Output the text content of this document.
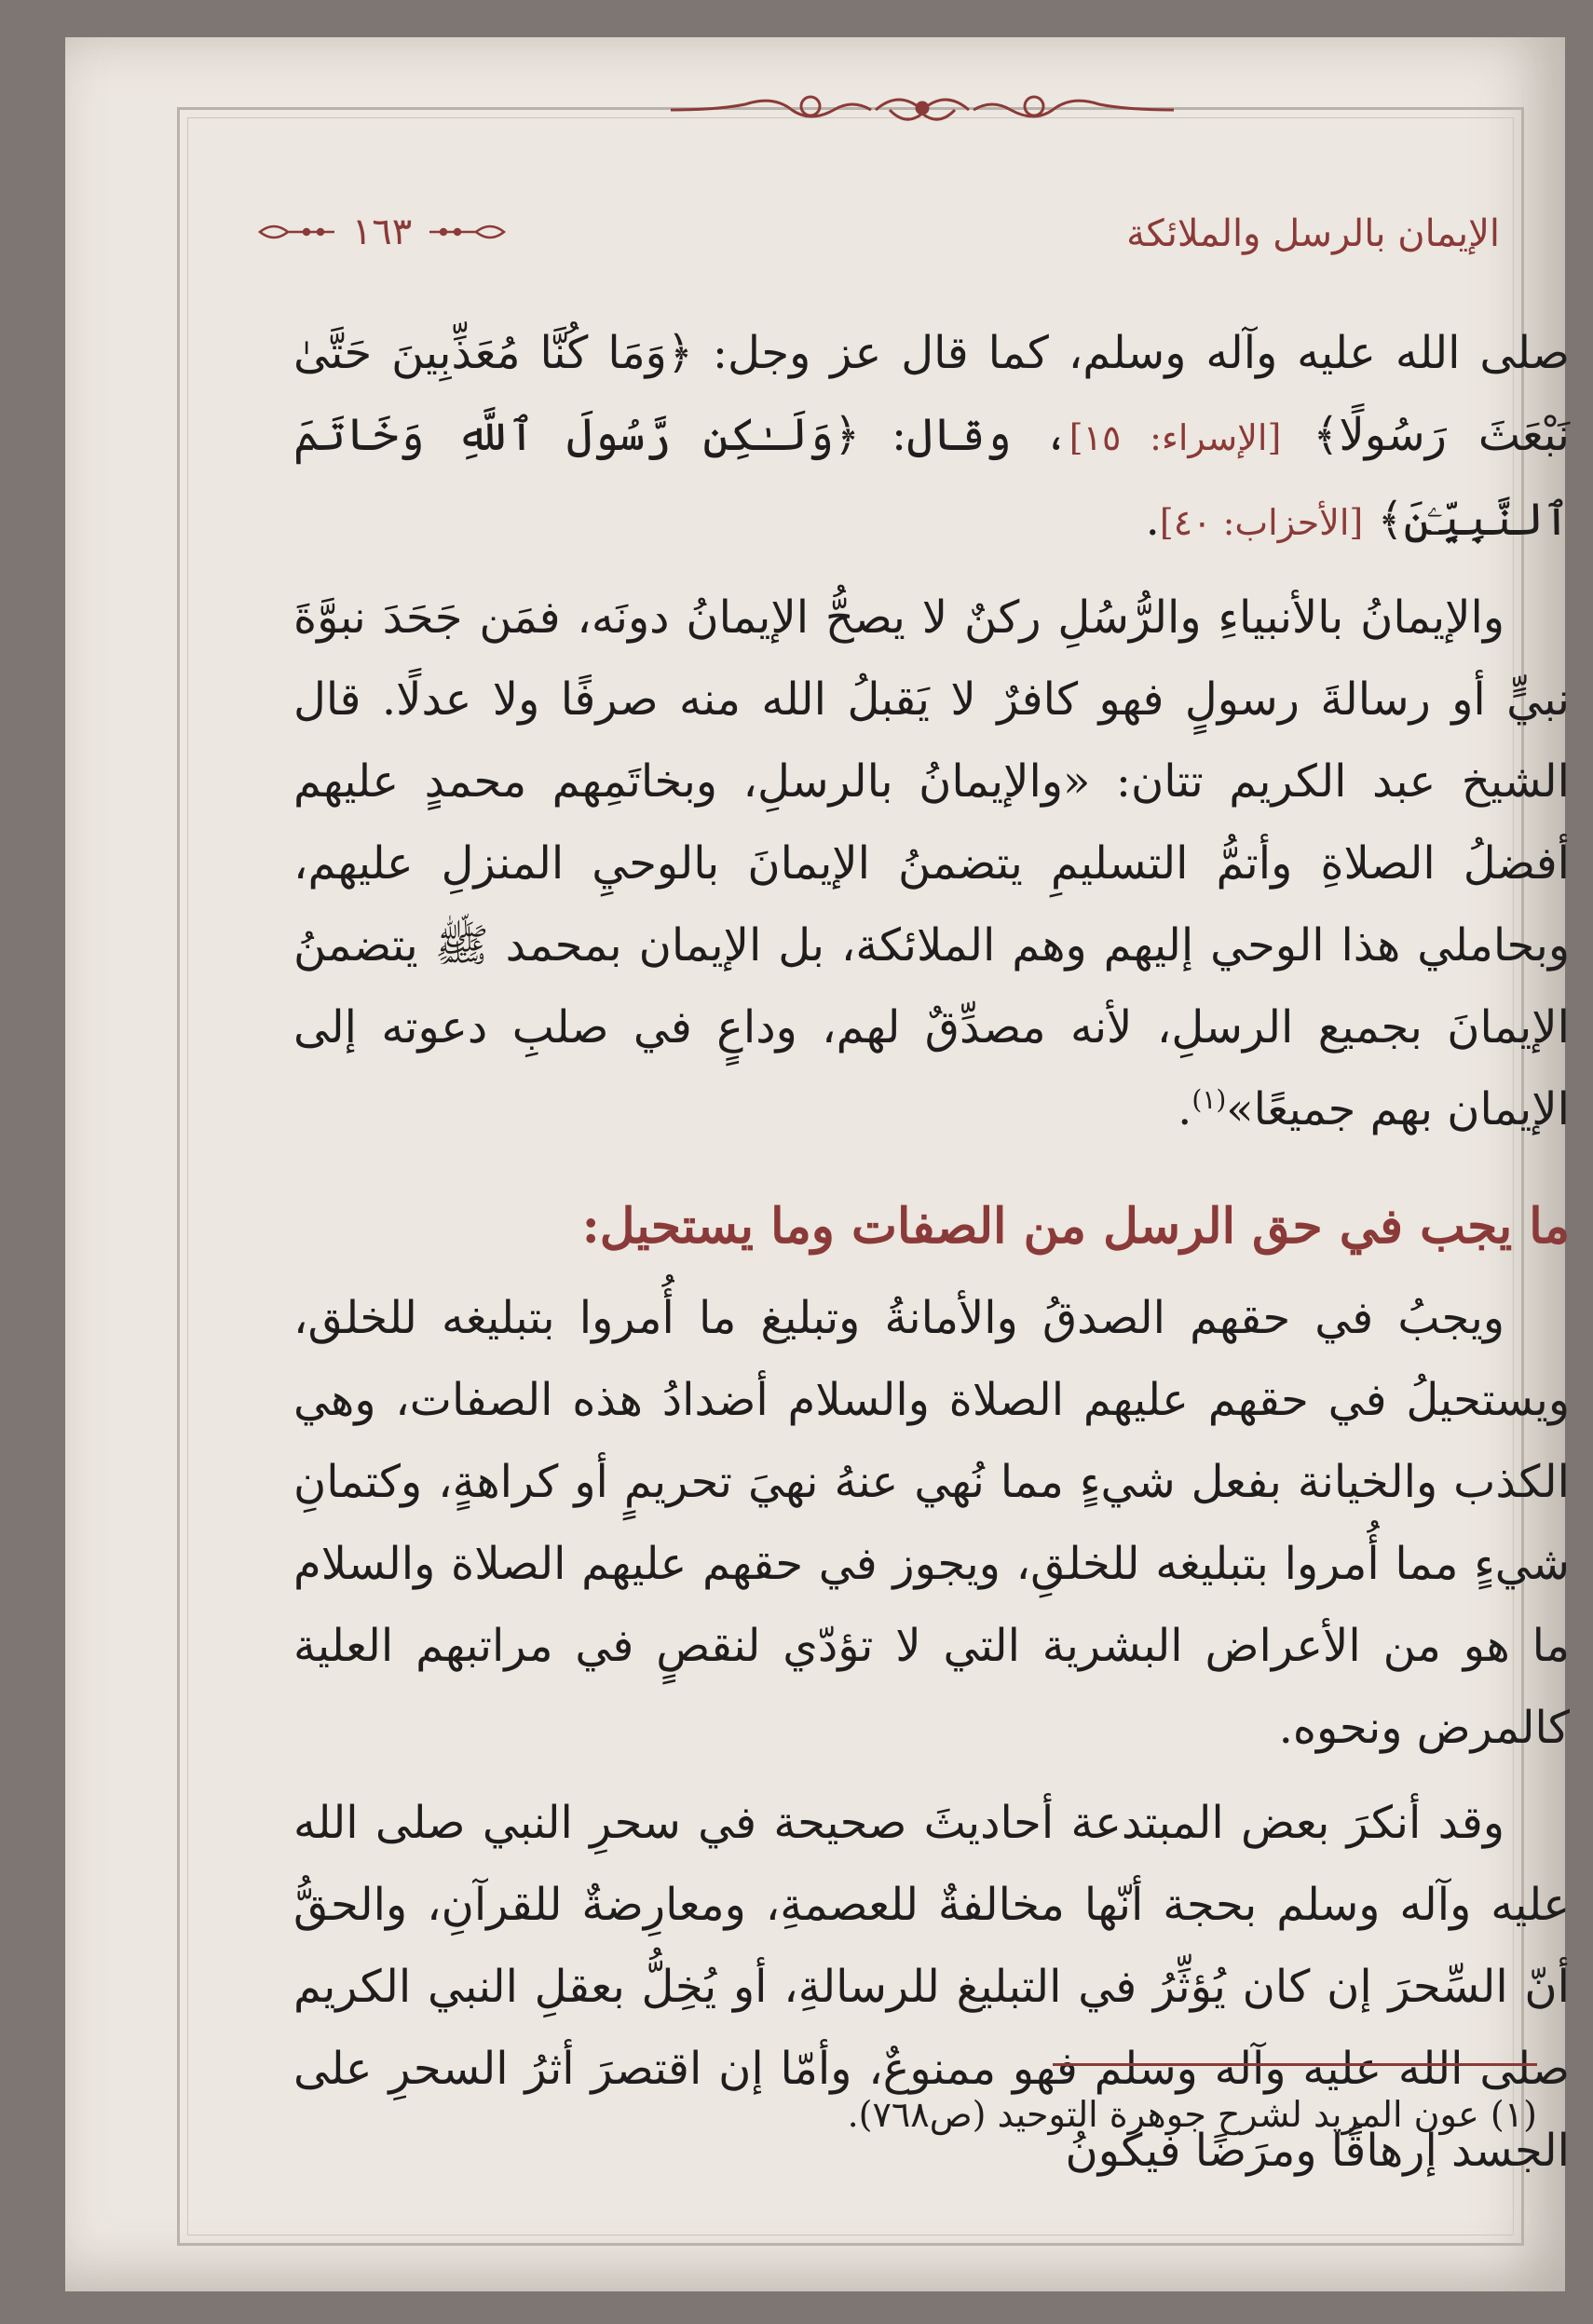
الإيمان بالرسل والملائكة
١٦٣

صلى الله عليه وآله وسلم، كما قال عز وجل: ﴿وَمَا كُنَّا مُعَذِّبِينَ حَتَّىٰ نَبْعَثَ رَسُولًا﴾ [الإسراء: ١٥]، وقال: ﴿وَلَـٰكِن رَّسُولَ ٱللَّهِ وَخَاتَمَ ٱلنَّبِيِّـۧنَ﴾ [الأحزاب: ٤٠].

والإيمانُ بالأنبياءِ والرُّسُلِ ركنٌ لا يصحُّ الإيمانُ دونَه، فمَن جَحَدَ نبوَّةَ نبيٍّ أو رسالةَ رسولٍ فهو كافرٌ لا يَقبلُ الله منه صرفًا ولا عدلًا. قال الشيخ عبد الكريم تتان: «والإيمانُ بالرسلِ، وبخاتَمِهم محمدٍ عليهم أفضلُ الصلاةِ وأتمُّ التسليمِ يتضمنُ الإيمانَ بالوحيِ المنزلِ عليهم، وبحاملي هذا الوحي إليهم وهم الملائكة، بل الإيمان بمحمد ﷺ يتضمنُ الإيمانَ بجميع الرسلِ، لأنه مصدِّقٌ لهم، وداعٍ في صلبِ دعوته إلى الإيمان بهم جميعًا»$^{(١)}$.

ما يجب في حق الرسل من الصفات وما يستحيل:

ويجبُ في حقهم الصدقُ والأمانةُ وتبليغ ما أُمروا بتبليغه للخلق، ويستحيلُ في حقهم عليهم الصلاة والسلام أضدادُ هذه الصفات، وهي الكذب والخيانة بفعل شيءٍ مما نُهي عنهُ نهيَ تحريمٍ أو كراهةٍ، وكتمانِ شيءٍ مما أُمروا بتبليغه للخلقِ، ويجوز في حقهم عليهم الصلاة والسلام ما هو من الأعراض البشرية التي لا تؤدّي لنقصٍ في مراتبهم العلية كالمرض ونحوه.

وقد أنكرَ بعض المبتدعة أحاديثَ صحيحة في سحرِ النبي صلى الله عليه وآله وسلم بحجة أنّها مخالفةٌ للعصمةِ، ومعارِضةٌ للقرآنِ، والحقُّ أنّ السِّحرَ إن كان يُؤثِّرُ في التبليغ للرسالةِ، أو يُخِلُّ بعقلِ النبي الكريم صلى الله عليه وآله وسلم فهو ممنوعٌ، وأمّا إن اقتصرَ أثرُ السحرِ على الجسد إرهاقًا ومرَضًا فيكونُ

(١) عون المريد لشرح جوهرة التوحيد (ص٧٦٨).
